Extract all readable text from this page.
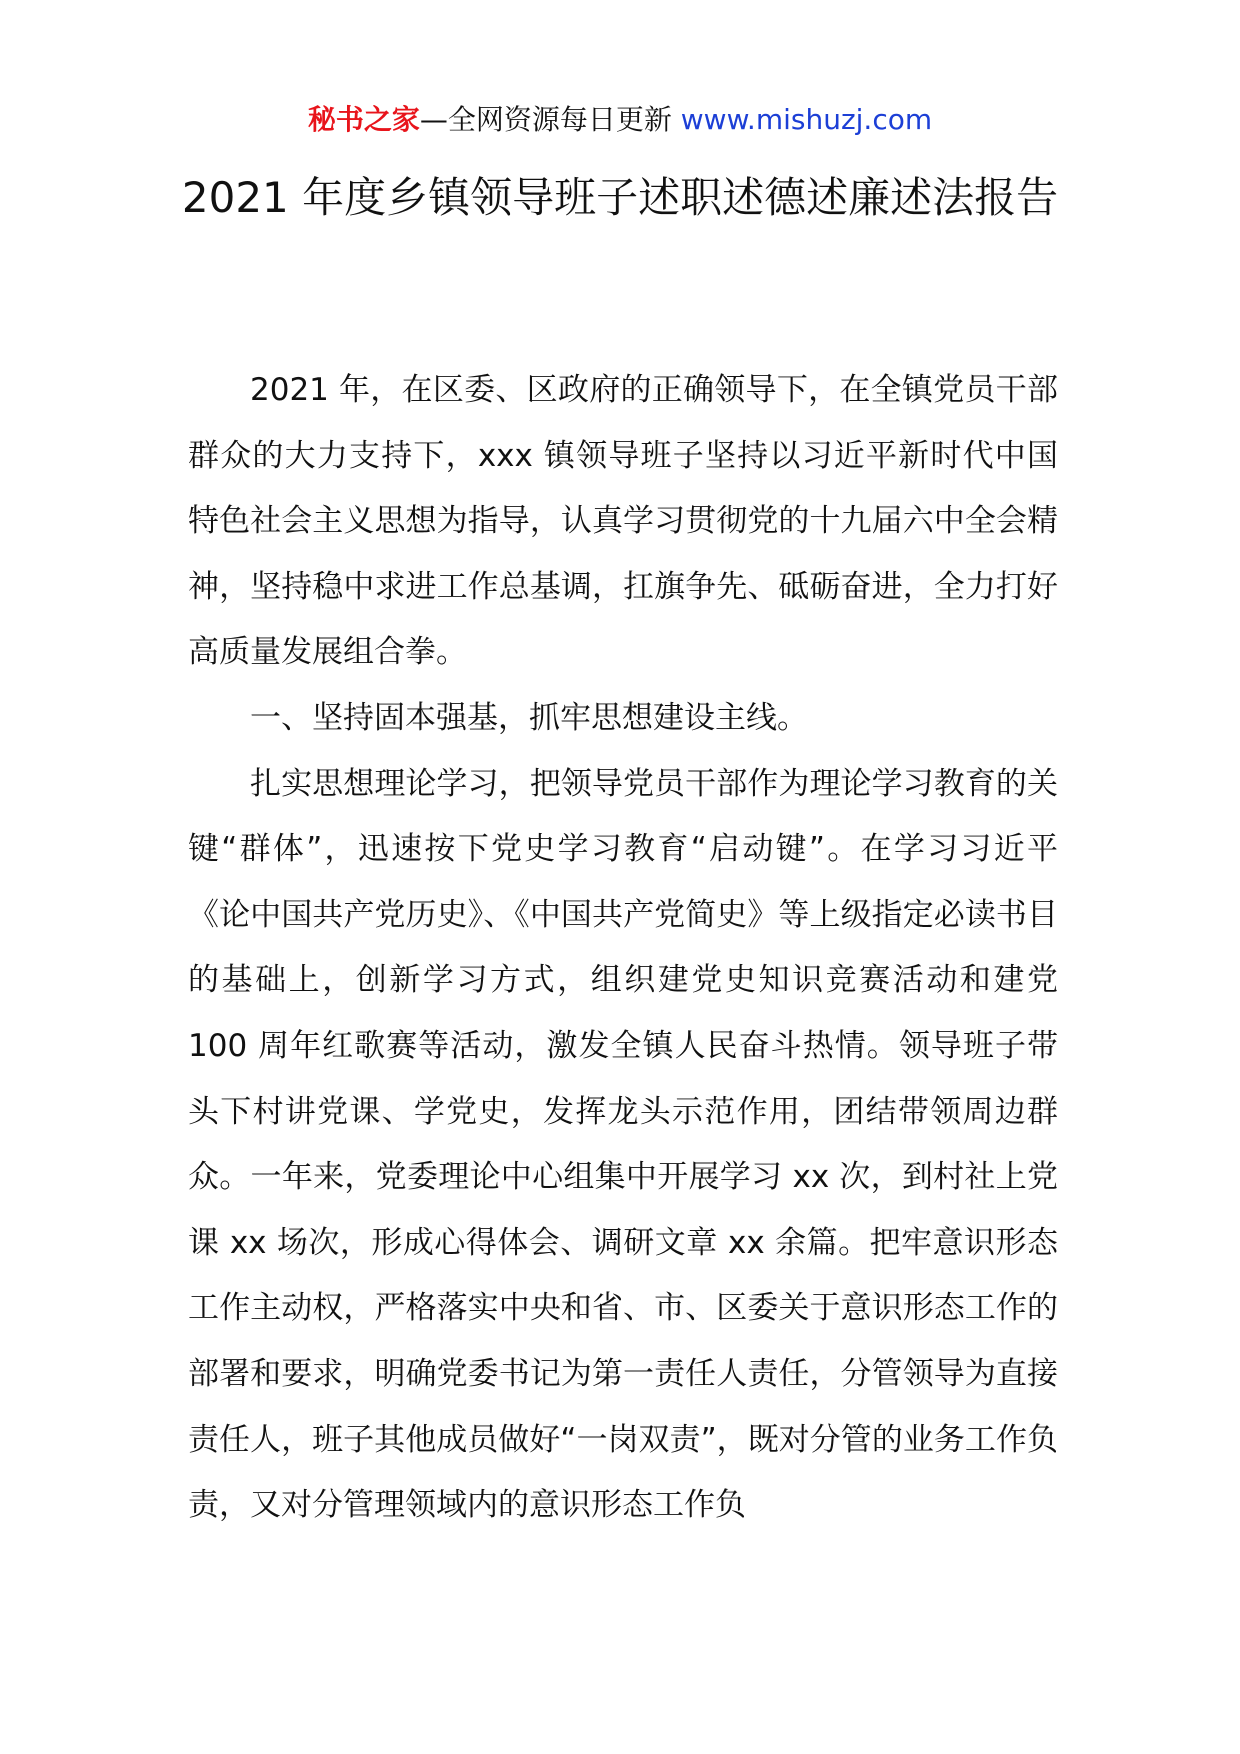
秘书之家—全网资源每日更新 www.mishuzj.com
2021 年度乡镇领导班子述职述德述廉述法报告

2021 年，在区委、区政府的正确领导下，在全镇党员干部群众的大力支持下，xxx 镇领导班子坚持以习近平新时代中国特色社会主义思想为指导，认真学习贯彻党的十九届六中全会精神，坚持稳中求进工作总基调，扛旗争先、砥砺奋进，全力打好高质量发展组合拳。

一、坚持固本强基，抓牢思想建设主线。

扎实思想理论学习，把领导党员干部作为理论学习教育的关键“群体”，迅速按下党史学习教育“启动键”。在学习习近平《论中国共产党历史》、《中国共产党简史》等上级指定必读书目的基础上，创新学习方式，组织建党史知识竞赛活动和建党 100 周年红歌赛等活动，激发全镇人民奋斗热情。领导班子带头下村讲党课、学党史，发挥龙头示范作用，团结带领周边群众。一年来，党委理论中心组集中开展学习 xx 次，到村社上党课 xx 场次，形成心得体会、调研文章 xx 余篇。把牢意识形态工作主动权，严格落实中央和省、市、区委关于意识形态工作的部署和要求，明确党委书记为第一责任人责任，分管领导为直接责任人，班子其他成员做好“一岗双责”，既对分管的业务工作负责，又对分管理领域内的意识形态工作负
